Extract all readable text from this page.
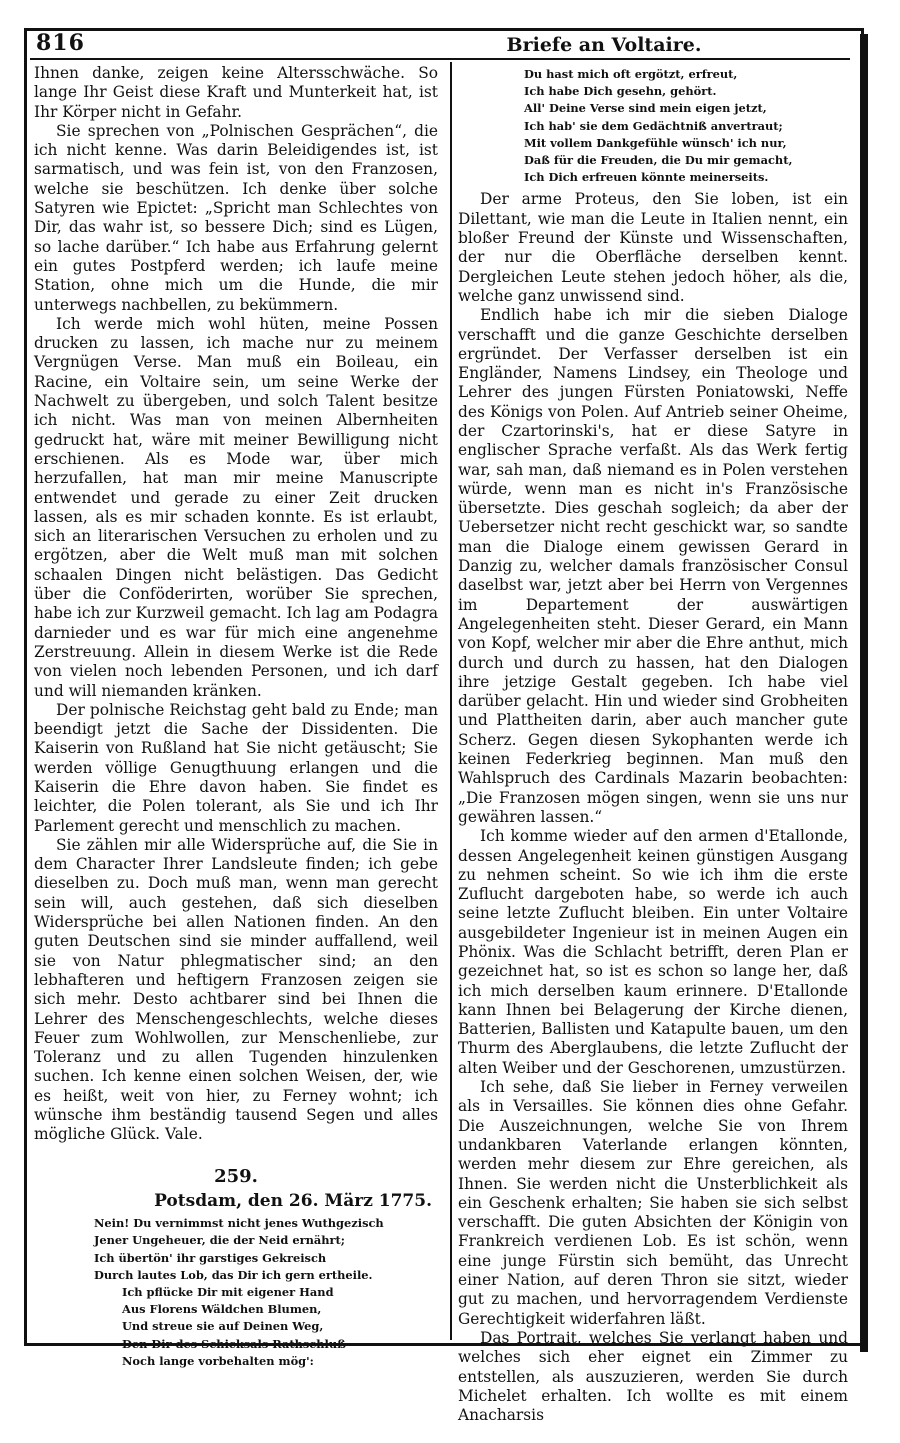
816	Briefe an Voltaire.

Ihnen danke, zeigen keine Altersschwäche. So lange Ihr Geist diese Kraft und Munterkeit hat, ist Ihr Körper nicht in Gefahr.

Sie sprechen von „Polnischen Gesprächen“, die ich nicht kenne. Was darin Beleidigendes ist, ist sarmatisch, und was fein ist, von den Franzosen, welche sie beschützen. Ich denke über solche Satyren wie Epictet: „Spricht man Schlechtes von Dir, das wahr ist, so bessere Dich; sind es Lügen, so lache darüber.“ Ich habe aus Erfahrung gelernt ein gutes Postpferd werden; ich laufe meine Station, ohne mich um die Hunde, die mir unterwegs nachbellen, zu bekümmern.

Ich werde mich wohl hüten, meine Possen drucken zu lassen, ich mache nur zu meinem Vergnügen Verse. Man muß ein Boileau, ein Racine, ein Voltaire sein, um seine Werke der Nachwelt zu übergeben, und solch Talent besitze ich nicht. Was man von meinen Albernheiten gedruckt hat, wäre mit meiner Bewilligung nicht erschienen. Als es Mode war, über mich herzufallen, hat man mir meine Manuscripte entwendet und gerade zu einer Zeit drucken lassen, als es mir schaden konnte. Es ist erlaubt, sich an literarischen Versuchen zu erholen und zu ergötzen, aber die Welt muß man mit solchen schaalen Dingen nicht belästigen. Das Gedicht über die Conföderirten, worüber Sie sprechen, habe ich zur Kurzweil gemacht. Ich lag am Podagra darnieder und es war für mich eine angenehme Zerstreuung. Allein in diesem Werke ist die Rede von vielen noch lebenden Personen, und ich darf und will niemanden kränken.

Der polnische Reichstag geht bald zu Ende; man beendigt jetzt die Sache der Dissidenten. Die Kaiserin von Rußland hat Sie nicht getäuscht; Sie werden völlige Genugthuung erlangen und die Kaiserin die Ehre davon haben. Sie findet es leichter, die Polen tolerant, als Sie und ich Ihr Parlement gerecht und menschlich zu machen.

Sie zählen mir alle Widersprüche auf, die Sie in dem Character Ihrer Landsleute finden; ich gebe dieselben zu. Doch muß man, wenn man gerecht sein will, auch gestehen, daß sich dieselben Widersprüche bei allen Nationen finden. An den guten Deutschen sind sie minder auffallend, weil sie von Natur phlegmatischer sind; an den lebhafteren und heftigern Franzosen zeigen sie sich mehr. Desto achtbarer sind bei Ihnen die Lehrer des Menschengeschlechts, welche dieses Feuer zum Wohlwollen, zur Menschenliebe, zur Toleranz und zu allen Tugenden hinzulenken suchen. Ich kenne einen solchen Weisen, der, wie es heißt, weit von hier, zu Ferney wohnt; ich wünsche ihm beständig tausend Segen und alles mögliche Glück. Vale.

259.
Potsdam, den 26. März 1775.
Nein! Du vernimmst nicht jenes Wuthgezisch
Jener Ungeheuer, die der Neid ernährt;
Ich übertön' ihr garstiges Gekreisch
Durch lautes Lob, das Dir ich gern ertheile.
Ich pflücke Dir mit eigener Hand
Aus Florens Wäldchen Blumen,
Und streue sie auf Deinen Weg,
Den Dir des Schicksals Rathschluß
Noch lange vorbehalten mög':
Du hast mich oft ergötzt, erfreut,
Ich habe Dich gesehn, gehört.
All' Deine Verse sind mein eigen jetzt,
Ich hab' sie dem Gedächtniß anvertraut;
Mit vollem Dankgefühle wünsch' ich nur,
Daß für die Freuden, die Du mir gemacht,
Ich Dich erfreuen könnte meinerseits.

Der arme Proteus, den Sie loben, ist ein Dilettant, wie man die Leute in Italien nennt, ein bloßer Freund der Künste und Wissenschaften, der nur die Oberfläche derselben kennt. Dergleichen Leute stehen jedoch höher, als die, welche ganz unwissend sind.

Endlich habe ich mir die sieben Dialoge verschafft und die ganze Geschichte derselben ergründet. Der Verfasser derselben ist ein Engländer, Namens Lindsey, ein Theologe und Lehrer des jungen Fürsten Poniatowski, Neffe des Königs von Polen. Auf Antrieb seiner Oheime, der Czartorinski's, hat er diese Satyre in englischer Sprache verfaßt. Als das Werk fertig war, sah man, daß niemand es in Polen verstehen würde, wenn man es nicht in's Französische übersetzte. Dies geschah sogleich; da aber der Uebersetzer nicht recht geschickt war, so sandte man die Dialoge einem gewissen Gerard in Danzig zu, welcher damals französischer Consul daselbst war, jetzt aber bei Herrn von Vergennes im Departement der auswärtigen Angelegenheiten steht. Dieser Gerard, ein Mann von Kopf, welcher mir aber die Ehre anthut, mich durch und durch zu hassen, hat den Dialogen ihre jetzige Gestalt gegeben. Ich habe viel darüber gelacht. Hin und wieder sind Grobheiten und Plattheiten darin, aber auch mancher gute Scherz. Gegen diesen Sykophanten werde ich keinen Federkrieg beginnen. Man muß den Wahlspruch des Cardinals Mazarin beobachten: „Die Franzosen mögen singen, wenn sie uns nur gewähren lassen.“

Ich komme wieder auf den armen d'Etallonde, dessen Angelegenheit keinen günstigen Ausgang zu nehmen scheint. So wie ich ihm die erste Zuflucht dargeboten habe, so werde ich auch seine letzte Zuflucht bleiben. Ein unter Voltaire ausgebildeter Ingenieur ist in meinen Augen ein Phönix. Was die Schlacht betrifft, deren Plan er gezeichnet hat, so ist es schon so lange her, daß ich mich derselben kaum erinnere. D'Etallonde kann Ihnen bei Belagerung der Kirche dienen, Batterien, Ballisten und Katapulte bauen, um den Thurm des Aberglaubens, die letzte Zuflucht der alten Weiber und der Geschorenen, umzustürzen.

Ich sehe, daß Sie lieber in Ferney verweilen als in Versailles. Sie können dies ohne Gefahr. Die Auszeichnungen, welche Sie von Ihrem undankbaren Vaterlande erlangen könnten, werden mehr diesem zur Ehre gereichen, als Ihnen. Sie werden nicht die Unsterblichkeit als ein Geschenk erhalten; Sie haben sie sich selbst verschafft. Die guten Absichten der Königin von Frankreich verdienen Lob. Es ist schön, wenn eine junge Fürstin sich bemüht, das Unrecht einer Nation, auf deren Thron sie sitzt, wieder gut zu machen, und hervorragendem Verdienste Gerechtigkeit widerfahren läßt.

Das Portrait, welches Sie verlangt haben und welches sich eher eignet ein Zimmer zu entstellen, als auszuzieren, werden Sie durch Michelet erhalten. Ich wollte es mit einem Anacharsis
